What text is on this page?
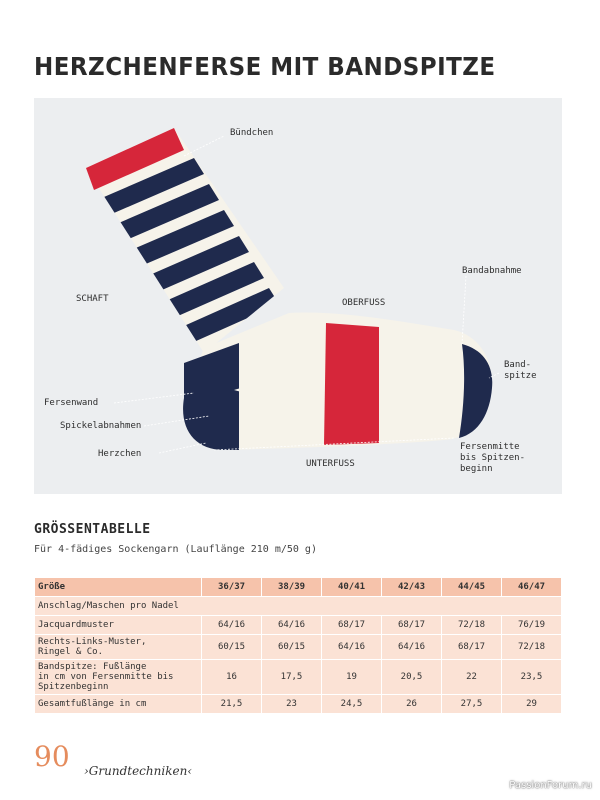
HERZCHENFERSE MIT BANDSPITZE
Bündchen
SCHAFT	OBERFUSS
Bandabnahme
Band-
spitze
Fersenwand
Spickelabnahmen
Herzchen
UNTERFUSS
Fersenmitte
bis Spitzen-
beginn
GRÖSSENTABELLE
Für 4-fädiges Sockengarn (Lauflänge 210 m/50 g)
Größe	36/37	38/39	40/41	42/43	44/45	46/47
Anschlag/Maschen pro Nadel						
Jacquardmuster	64/16	64/16	68/17	68/17	72/18	76/19
Rechts-Links-Muster,
Ringel & Co.	60/15	60/15	64/16	64/16	68/17	72/18
Bandspitze: Fußlänge
in cm von Fersenmitte bis
Spitzenbeginn	16	17,5	19	20,5	22	23,5
Gesamtfußlänge in cm	21,5	23	24,5	26	27,5	29
90 ›Grundtechniken‹
PassionForum.ru
